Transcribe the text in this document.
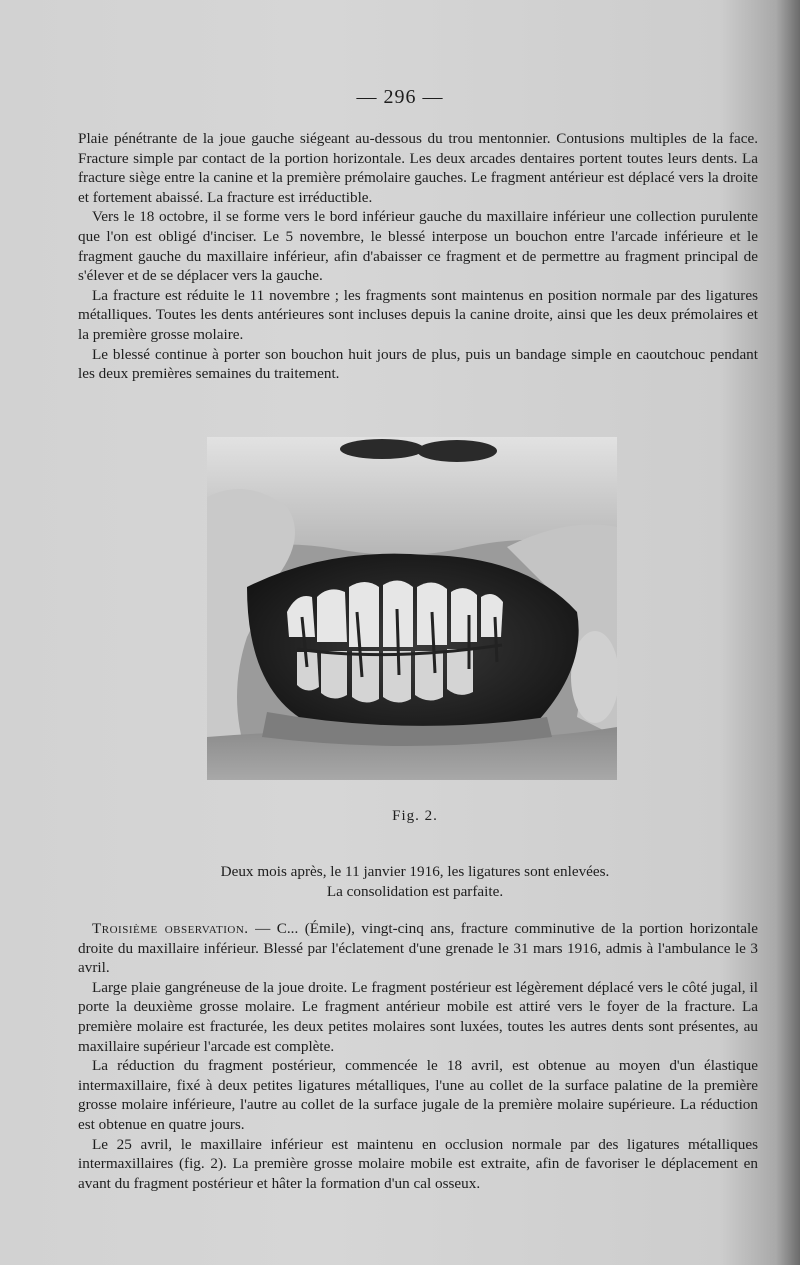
— 296 —

Plaie pénétrante de la joue gauche siégeant au-dessous du trou mentonnier. Contusions multiples de la face. Fracture simple par contact de la portion horizontale. Les deux arcades dentaires portent toutes leurs dents. La fracture siège entre la canine et la première prémolaire gauches. Le fragment antérieur est déplacé vers la droite et fortement abaissé. La fracture est irréductible.

Vers le 18 octobre, il se forme vers le bord inférieur gauche du maxillaire inférieur une collection purulente que l'on est obligé d'inciser. Le 5 novembre, le blessé interpose un bouchon entre l'arcade inférieure et le fragment gauche du maxillaire inférieur, afin d'abaisser ce fragment et de permettre au fragment principal de s'élever et de se déplacer vers la gauche.

La fracture est réduite le 11 novembre ; les fragments sont maintenus en position normale par des ligatures métalliques. Toutes les dents antérieures sont incluses depuis la canine droite, ainsi que les deux prémolaires et la première grosse molaire.

Le blessé continue à porter son bouchon huit jours de plus, puis un bandage simple en caoutchouc pendant les deux premières semaines du traitement.

Fig. 2.
Deux mois après, le 11 janvier 1916, les ligatures sont enlevées.
La consolidation est parfaite.

Troisième observation. — C... (Émile), vingt-cinq ans, fracture comminutive de la portion horizontale droite du maxillaire inférieur. Blessé par l'éclatement d'une grenade le 31 mars 1916, admis à l'ambulance le 3 avril.

Large plaie gangréneuse de la joue droite. Le fragment postérieur est légèrement déplacé vers le côté jugal, il porte la deuxième grosse molaire. Le fragment antérieur mobile est attiré vers le foyer de la fracture. La première molaire est fracturée, les deux petites molaires sont luxées, toutes les autres dents sont présentes, au maxillaire supérieur l'arcade est complète.

La réduction du fragment postérieur, commencée le 18 avril, est obtenue au moyen d'un élastique intermaxillaire, fixé à deux petites ligatures métalliques, l'une au collet de la surface palatine de la première grosse molaire inférieure, l'autre au collet de la surface jugale de la première molaire supérieure. La réduction est obtenue en quatre jours.

Le 25 avril, le maxillaire inférieur est maintenu en occlusion normale par des ligatures métalliques intermaxillaires (fig. 2). La première grosse molaire mobile est extraite, afin de favoriser le déplacement en avant du fragment postérieur et hâter la formation d'un cal osseux.
